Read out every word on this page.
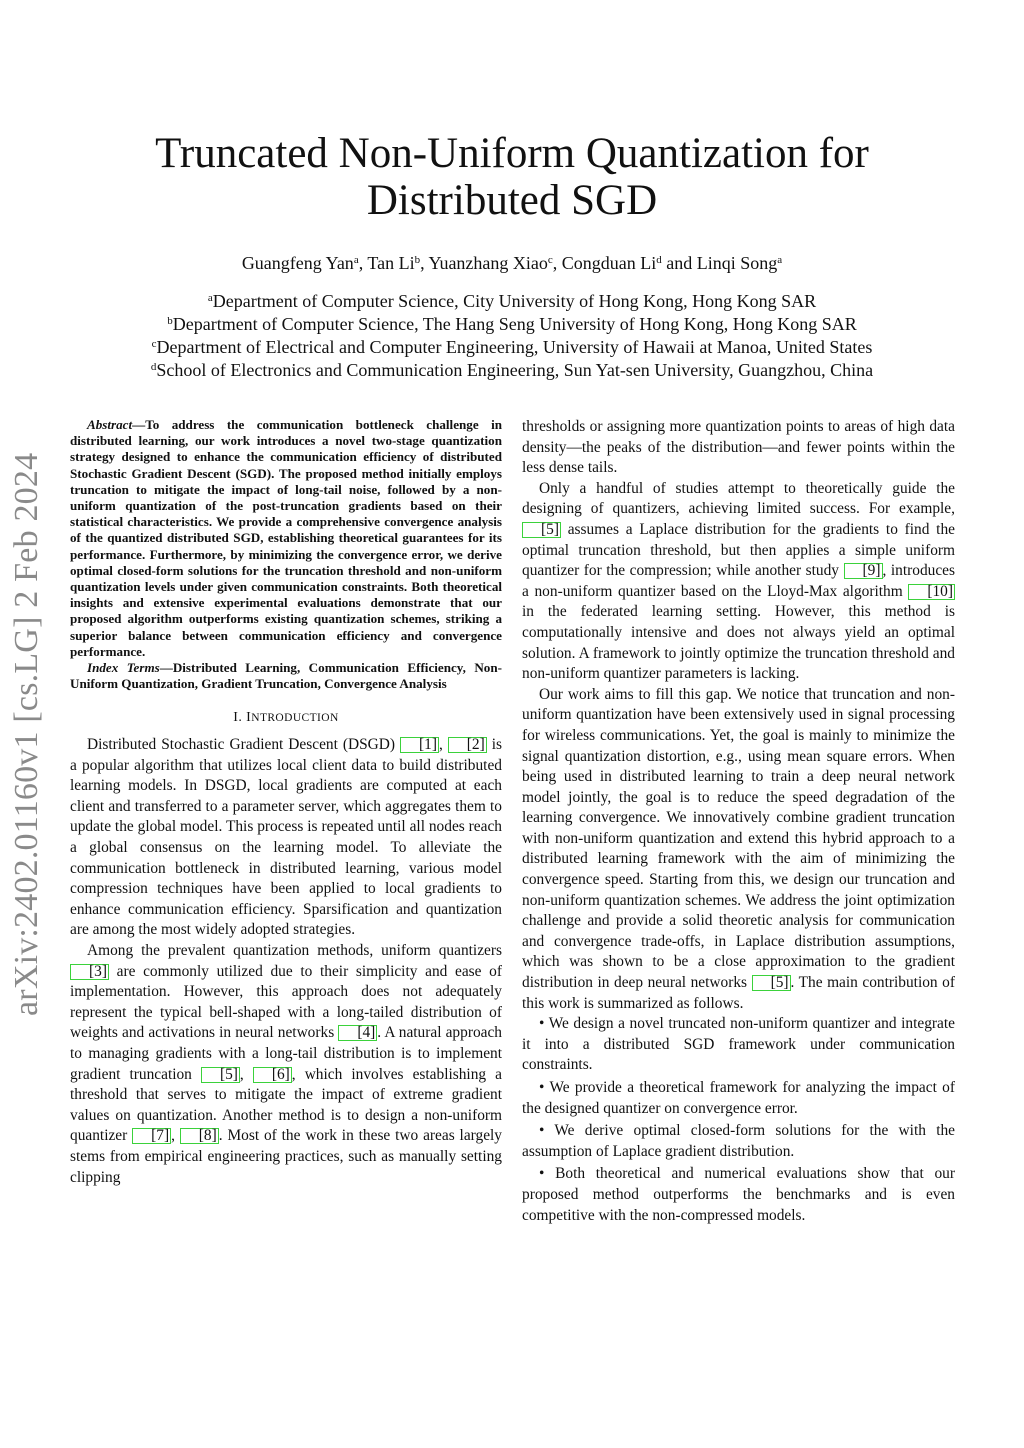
arXiv:2402.01160v1 [cs.LG] 2 Feb 2024
Truncated Non-Uniform Quantization for
Distributed SGD
Guangfeng Yan$^a$, Tan Li$^b$, Yuanzhang Xiao$^c$, Congduan Li$^d$ and Linqi Song$^a$
$^a$Department of Computer Science, City University of Hong Kong, Hong Kong SAR
$^b$Department of Computer Science, The Hang Seng University of Hong Kong, Hong Kong SAR
$^c$Department of Electrical and Computer Engineering, University of Hawaii at Manoa, United States
$^d$School of Electronics and Communication Engineering, Sun Yat-sen University, Guangzhou, China

Abstract—To address the communication bottleneck challenge in distributed learning, our work introduces a novel two-stage quantization strategy designed to enhance the communication efficiency of distributed Stochastic Gradient Descent (SGD). The proposed method initially employs truncation to mitigate the impact of long-tail noise, followed by a non-uniform quantization of the post-truncation gradients based on their statistical characteristics. We provide a comprehensive convergence analysis of the quantized distributed SGD, establishing theoretical guarantees for its performance. Furthermore, by minimizing the convergence error, we derive optimal closed-form solutions for the truncation threshold and non-uniform quantization levels under given communication constraints. Both theoretical insights and extensive experimental evaluations demonstrate that our proposed algorithm outperforms existing quantization schemes, striking a superior balance between communication efficiency and convergence performance.

Index Terms—Distributed Learning, Communication Efficiency, Non-Uniform Quantization, Gradient Truncation, Convergence Analysis

I. INTRODUCTION

Distributed Stochastic Gradient Descent (DSGD) [1] , [2] is a popular algorithm that utilizes local client data to build distributed learning models. In DSGD, local gradients are computed at each client and transferred to a parameter server, which aggregates them to update the global model. This process is repeated until all nodes reach a global consensus on the learning model. To alleviate the communication bottleneck in distributed learning, various model compression techniques have been applied to local gradients to enhance communication efficiency. Sparsification and quantization are among the most widely adopted strategies.

Among the prevalent quantization methods, uniform quantizers [3] are commonly utilized due to their simplicity and ease of implementation. However, this approach does not adequately represent the typical bell-shaped with a long-tailed distribution of weights and activations in neural networks [4] . A natural approach to managing gradients with a long-tail distribution is to implement gradient truncation [5] , [6] , which involves establishing a threshold that serves to mitigate the impact of extreme gradient values on quantization. Another method is to design a non-uniform quantizer [7] , [8] . Most of the work in these two areas largely stems from empirical engineering practices, such as manually setting clipping

thresholds or assigning more quantization points to areas of high data density—the peaks of the distribution—and fewer points within the less dense tails.

Only a handful of studies attempt to theoretically guide the designing of quantizers, achieving limited success. For example, [5] assumes a Laplace distribution for the gradients to find the optimal truncation threshold, but then applies a simple uniform quantizer for the compression; while another study [9] , introduces a non-uniform quantizer based on the Lloyd-Max algorithm [10] in the federated learning setting. However, this method is computationally intensive and does not always yield an optimal solution. A framework to jointly optimize the truncation threshold and non-uniform quantizer parameters is lacking.

Our work aims to fill this gap. We notice that truncation and non-uniform quantization have been extensively used in signal processing for wireless communications. Yet, the goal is mainly to minimize the signal quantization distortion, e.g., using mean square errors. When being used in distributed learning to train a deep neural network model jointly, the goal is to reduce the speed degradation of the learning convergence. We innovatively combine gradient truncation with non-uniform quantization and extend this hybrid approach to a distributed learning framework with the aim of minimizing the convergence speed. Starting from this, we design our truncation and non-uniform quantization schemes. We address the joint optimization challenge and provide a solid theoretic analysis for communication and convergence trade-offs, in Laplace distribution assumptions, which was shown to be a close approximation to the gradient distribution in deep neural networks [5] . The main contribution of this work is summarized as follows.

• We design a novel truncated non-uniform quantizer and integrate it into a distributed SGD framework under communication constraints.

• We provide a theoretical framework for analyzing the impact of the designed quantizer on convergence error.

• We derive optimal closed-form solutions for the with the assumption of Laplace gradient distribution.

• Both theoretical and numerical evaluations show that our proposed method outperforms the benchmarks and is even competitive with the non-compressed models.
